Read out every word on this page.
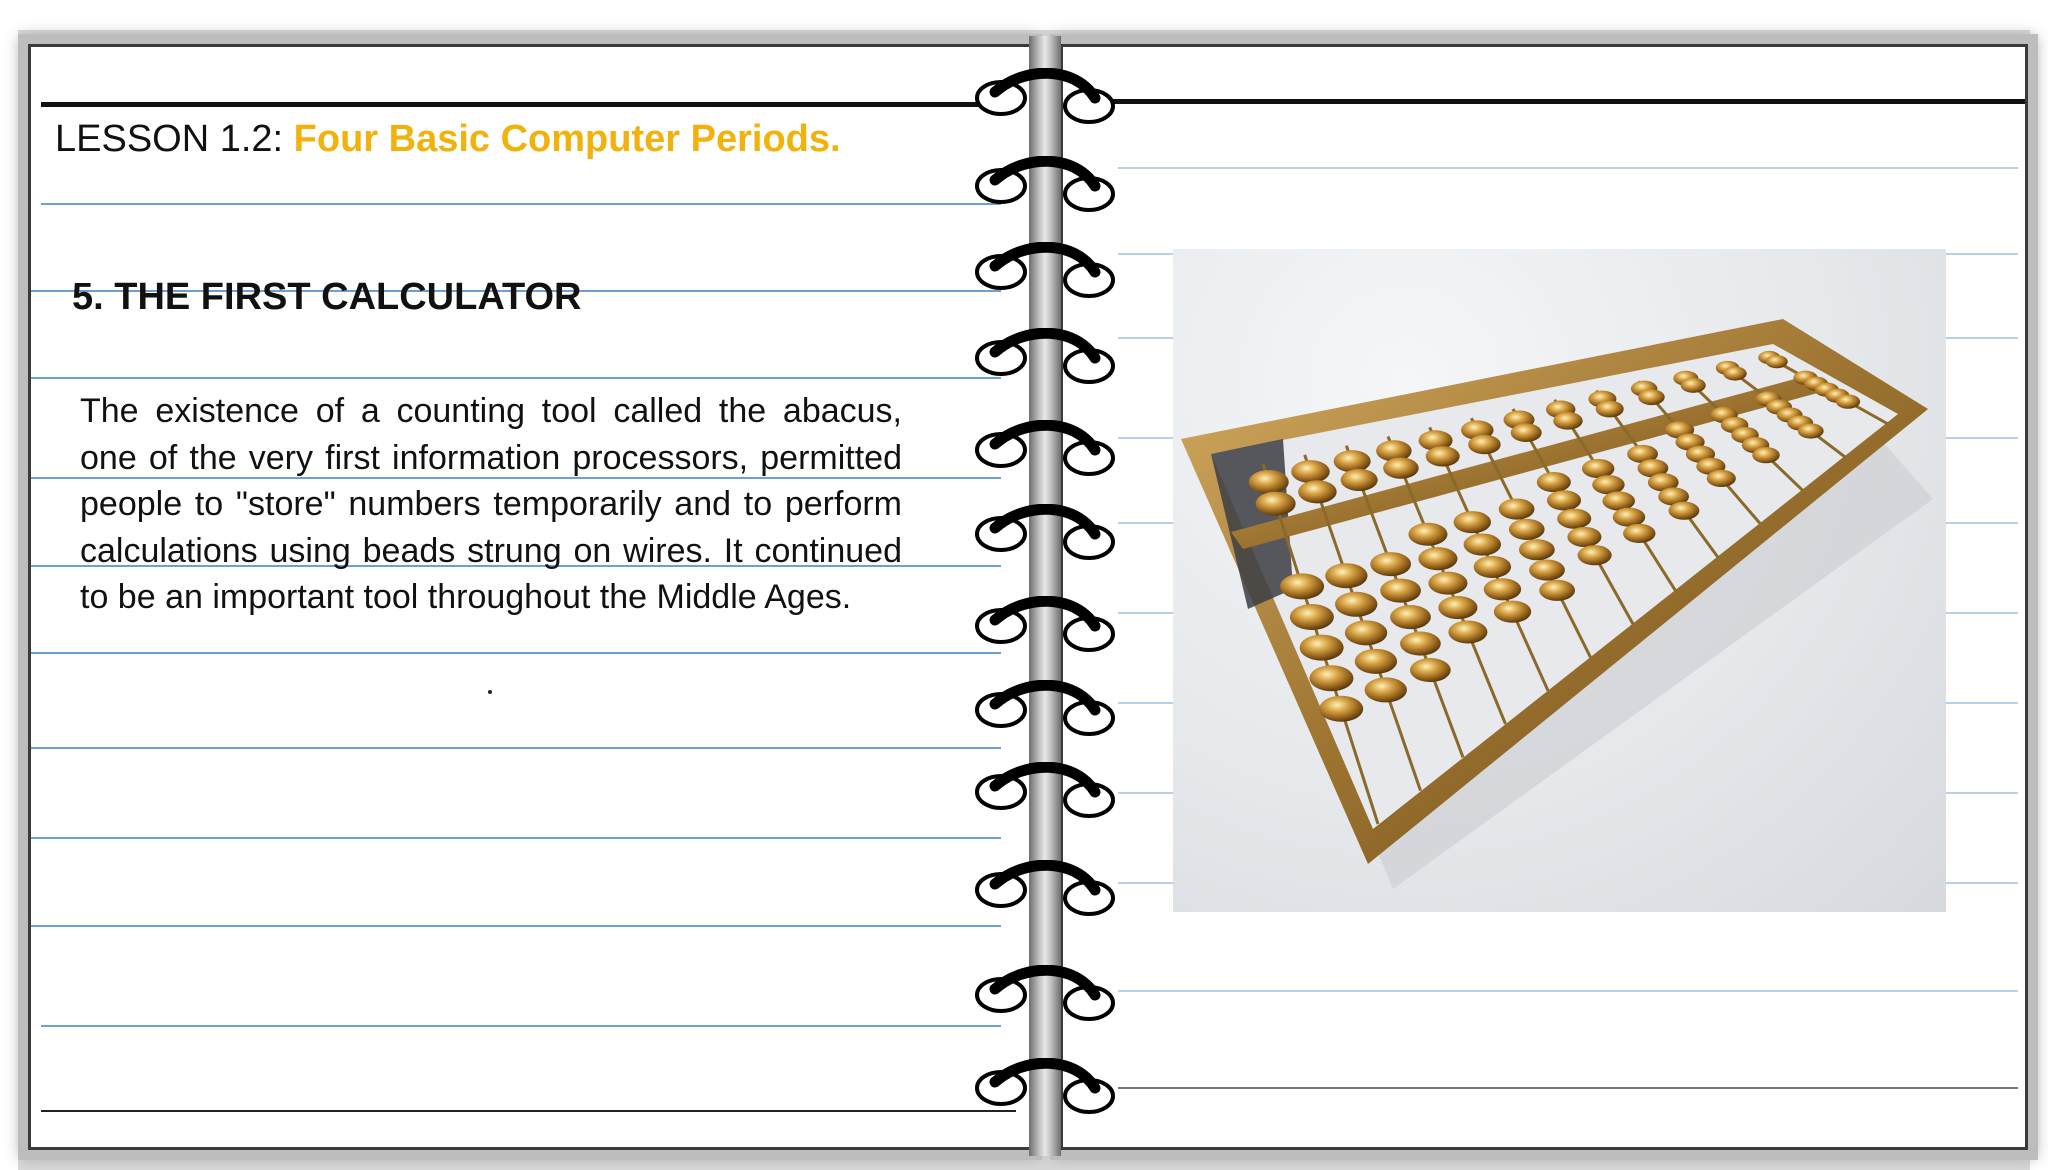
LESSON 1.2: Four Basic Computer Periods.
5. THE FIRST CALCULATOR
The existence of a counting tool called the abacus, one of the very first information processors, permitted people to "store" numbers temporarily and to perform calculations using beads strung on wires. It continued to be an important tool throughout the Middle Ages.
